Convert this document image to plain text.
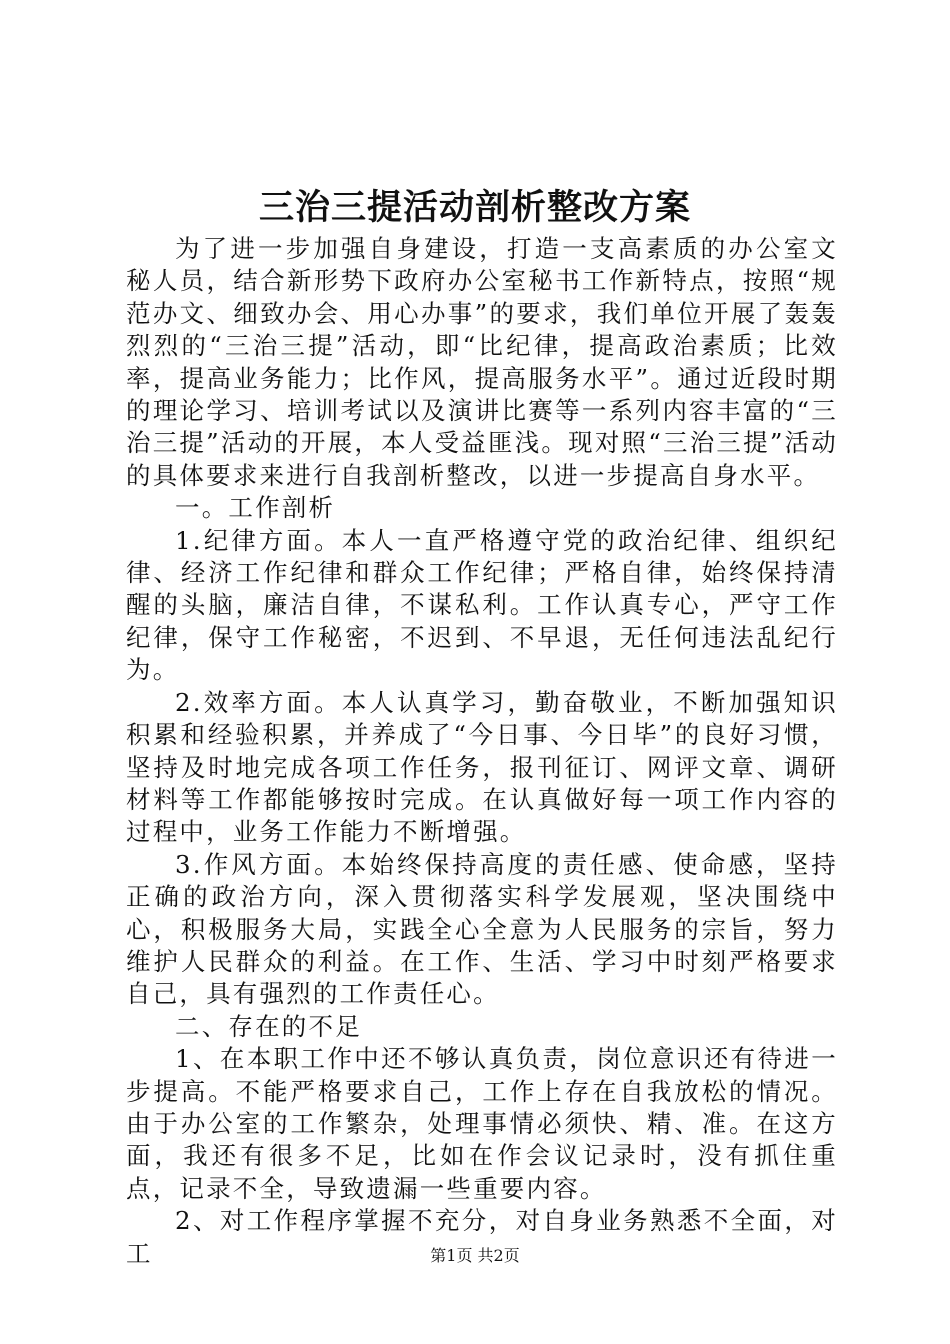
三治三提活动剖析整改方案

为了进一步加强自身建设，打造一支高素质的办公室文秘人员，结合新形势下政府办公室秘书工作新特点，按照“规范办文、细致办会、用心办事”的要求，我们单位开展了轰轰烈烈的“三治三提”活动，即“比纪律，提高政治素质；比效率，提高业务能力；比作风，提高服务水平”。通过近段时期的理论学习、培训考试以及演讲比赛等一系列内容丰富的“三治三提”活动的开展，本人受益匪浅。现对照“三治三提”活动的具体要求来进行自我剖析整改，以进一步提高自身水平。

一。工作剖析

1.纪律方面。本人一直严格遵守党的政治纪律、组织纪律、经济工作纪律和群众工作纪律；严格自律，始终保持清醒的头脑，廉洁自律，不谋私利。工作认真专心，严守工作纪律，保守工作秘密，不迟到、不早退，无任何违法乱纪行为。

2.效率方面。本人认真学习，勤奋敬业，不断加强知识积累和经验积累，并养成了“今日事、今日毕”的良好习惯，坚持及时地完成各项工作任务，报刊征订、网评文章、调研材料等工作都能够按时完成。在认真做好每一项工作内容的过程中，业务工作能力不断增强。

3.作风方面。本始终保持高度的责任感、使命感，坚持正确的政治方向，深入贯彻落实科学发展观，坚决围绕中心，积极服务大局，实践全心全意为人民服务的宗旨，努力维护人民群众的利益。在工作、生活、学习中时刻严格要求自己，具有强烈的工作责任心。

二、存在的不足

1、在本职工作中还不够认真负责，岗位意识还有待进一步提高。不能严格要求自己，工作上存在自我放松的情况。由于办公室的工作繁杂，处理事情必须快、精、准。在这方面，我还有很多不足，比如在作会议记录时，没有抓住重点，记录不全，导致遗漏一些重要内容。

2、对工作程序掌握不充分，对自身业务熟悉不全面，对工	第1页 共2页
